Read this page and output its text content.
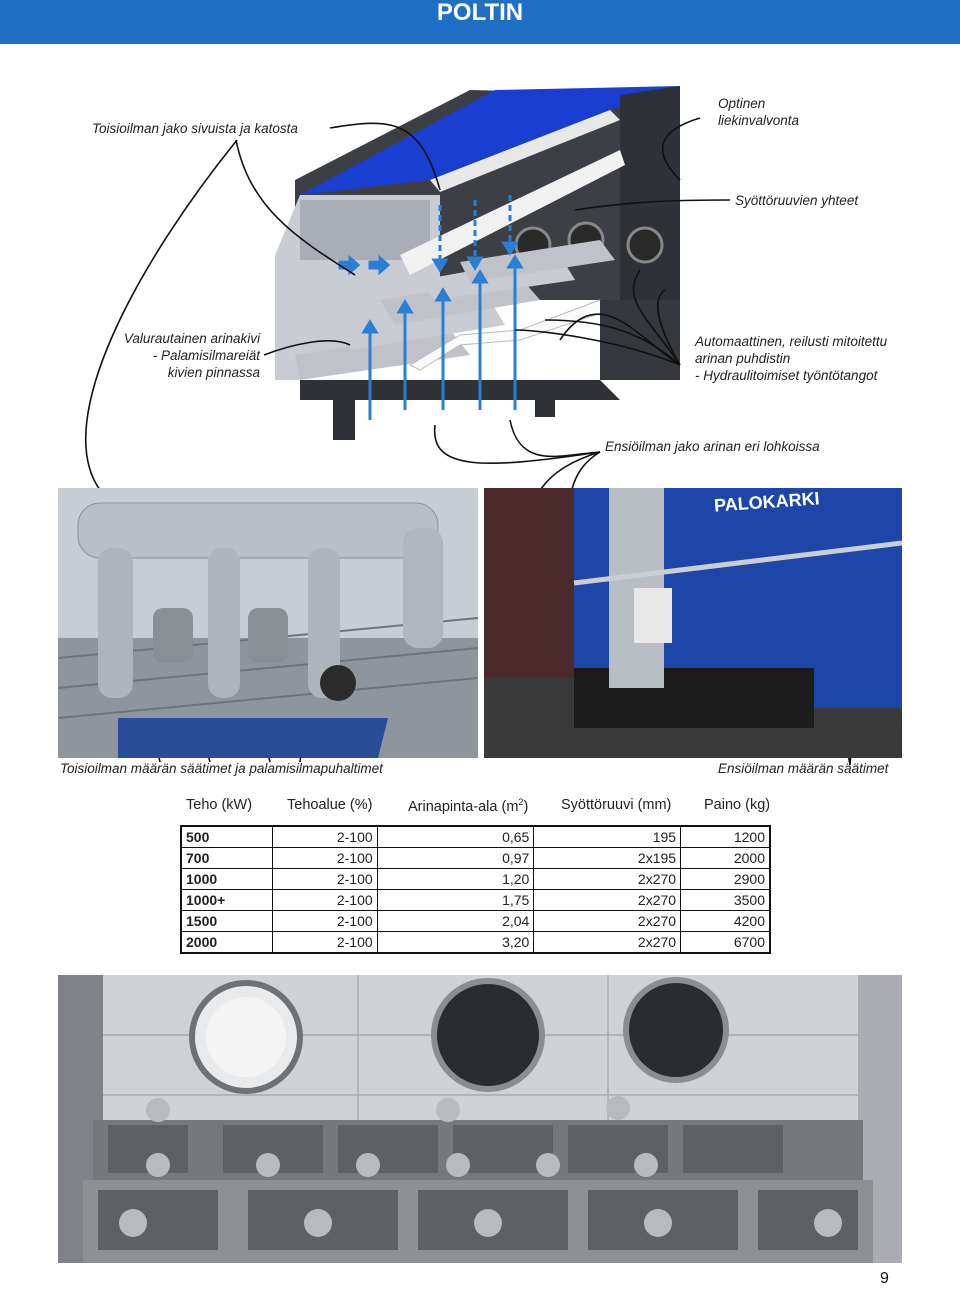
POLTIN
Toisioilman jako sivuista ja katosta
Optinen
liekinvalvonta
Syöttöruuvien yhteet
Valurautainen arinakivi
- Palamisilmareiät
kivien pinnassa
Automaattinen, reilusti mitoitettu
arinan puhdistin
- Hydraulitoimiset työntötangot
Ensiöilman jako arinan eri lohkoissa
PALOKARKI
Toisioilman määrän säätimet ja palamisilmapuhaltimet	Ensiöilman määrän säätimet
Teho (kW) Tehoalue (%) Arinapinta-ala $(m^2)$ Syöttöruuvi (mm) Paino (kg)
500	2-100	0,65	195	1200
700	2-100	0,97	2x195	2000
1000	2-100	1,20	2x270	2900
1000+	2-100	1,75	2x270	3500
1500	2-100	2,04	2x270	4200
2000	2-100	3,20	2x270	6700
9
